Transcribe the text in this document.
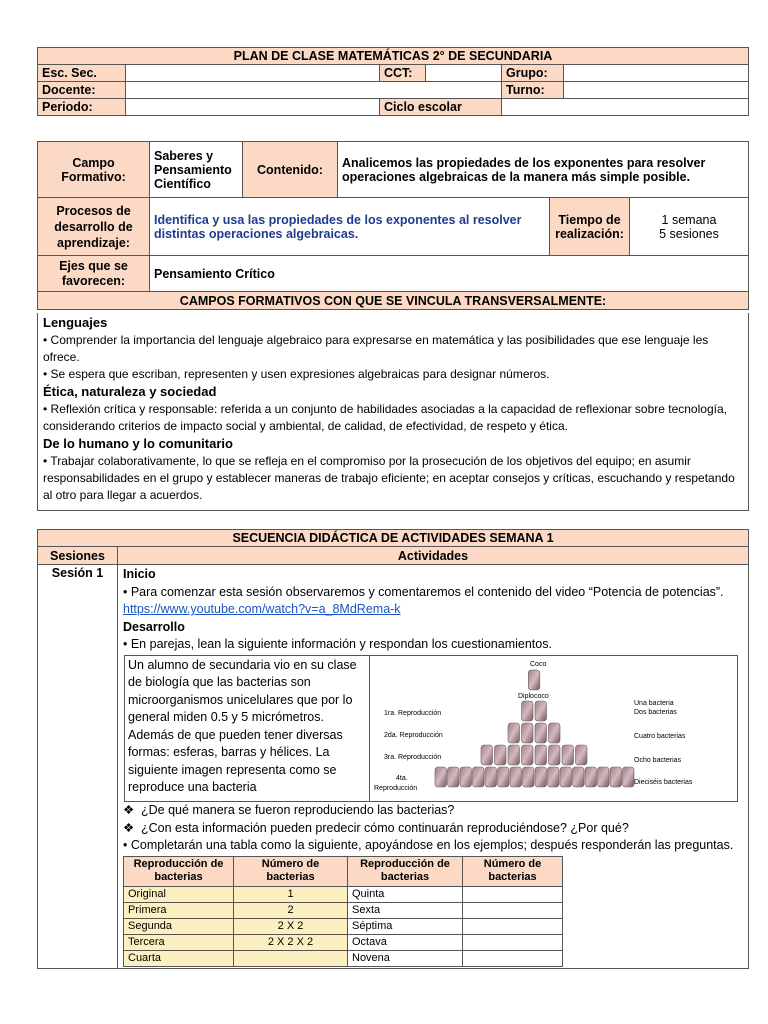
PLAN DE CLASE MATEMÁTICAS 2° DE SECUNDARIA					
Esc. Sec.		CCT:		Grupo:	
Docente:				Turno:	
Periodo:		Ciclo escolar			
Campo Formativo:	Saberes y Pensamiento Científico	Contenido:	Analicemos las propiedades de los exponentes para resolver operaciones algebraicas de la manera más simple posible.		
Procesos de desarrollo de aprendizaje:	Identifica y usa las propiedades de los exponentes al resolver distintas operaciones algebraicas.			Tiempo de realización:	1 semana
5 sesiones

Ejes que se favorecen:	Pensamiento Crítico				
CAMPOS FORMATIVOS CON QUE SE VINCULA TRANSVERSALMENTE:					

Lenguajes

• Comprender la importancia del lenguaje algebraico para expresarse en matemática y las posibilidades que ese lenguaje les ofrece.

• Se espera que escriban, representen y usen expresiones algebraicas para designar números.

Ética, naturaleza y sociedad

• Reflexión crítica y responsable: referida a un conjunto de habilidades asociadas a la capacidad de reflexionar sobre tecnología, considerando criterios de impacto social y ambiental, de calidad, de efectividad, de respeto y ética.

De lo humano y lo comunitario

• Trabajar colaborativamente, lo que se refleja en el compromiso por la prosecución de los objetivos del equipo; en asumir responsabilidades en el grupo y establecer maneras de trabajo eficiente; en aceptar consejos y críticas, escuchando y respetando al otro para llegar a acuerdos.

SECUENCIA DIDÁCTICA DE ACTIVIDADES SEMANA 1
Sesiones	Actividades
Sesión 1	Inicio
• Para comenzar esta sesión observaremos y comentaremos el contenido del video “Potencia de potencias”.
https://www.youtube.com/watch?v=a_8MdRema-k
Desarrollo
• En parejas, lean la siguiente información y respondan los cuestionamientos.
Un alumno de secundaria vio en su clase de biología que las bacterias son microorganismos unicelulares que por lo general miden 0.5 y 5 micrómetros. Además de que pueden tener diversas formas: esferas, barras y hélices. La siguiente imagen representa como se reproduce una bacteria	
Coco
Diplococo
1ra. Reproducción
2da. Reproducción
3ra. Reproducción
4ta.
Reproducción
Una bacteria
Dos bacterias
Cuatro bacterias
Ocho bacterias
Dieciséis bacterias
❖ ¿De qué manera se fueron reproduciendo las bacterias?
❖ ¿Con esta información pueden predecir cómo continuarán reproduciéndose? ¿Por qué?
• Completarán una tabla como la siguiente, apoyándose en los ejemplos; después responderán las preguntas.
Reproducción de bacterias	Número de bacterias	Reproducción de bacterias	Número de bacterias
Original	1	Quinta	
Primera	2	Sexta	
Segunda	2 X 2	Séptima	
Tercera	2 X 2 X 2	Octava	
Cuarta		Novena	
